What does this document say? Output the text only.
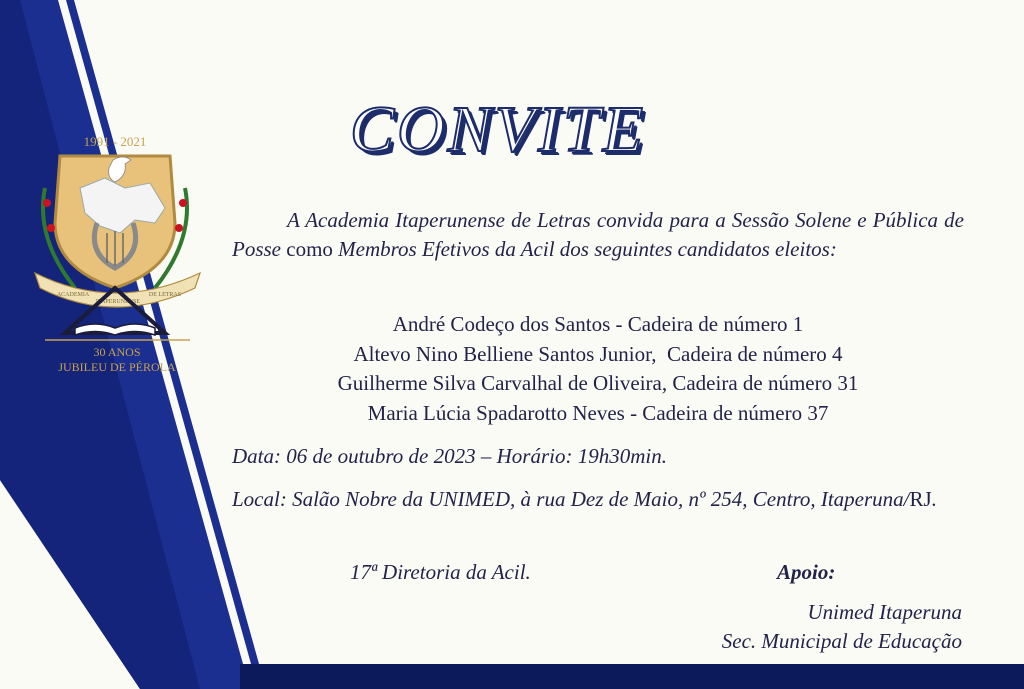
1991 - 2021
ACADEMIA
ITAPERUNENSE
DE LETRAS
30 ANOS
JUBILEU DE PÉROLA
CONVITE
A Academia Itaperunense de Letras convida para a Sessão Solene e Pública de Posse como Membros Efetivos da Acil dos seguintes candidatos eleitos:
André Codeço dos Santos - Cadeira de número 1
Altevo Nino Belliene Santos Junior,  Cadeira de número 4
Guilherme Silva Carvalhal de Oliveira, Cadeira de número 31
Maria Lúcia Spadarotto Neves - Cadeira de número 37
Data: 06 de outubro de 2023 – Horário: 19h30min.
Local: Salão Nobre da UNIMED, à rua Dez de Maio, nº 254, Centro, Itaperuna/RJ.
17ª Diretoria da Acil.	Apoio:
Unimed Itaperuna
Sec. Municipal de Educação
